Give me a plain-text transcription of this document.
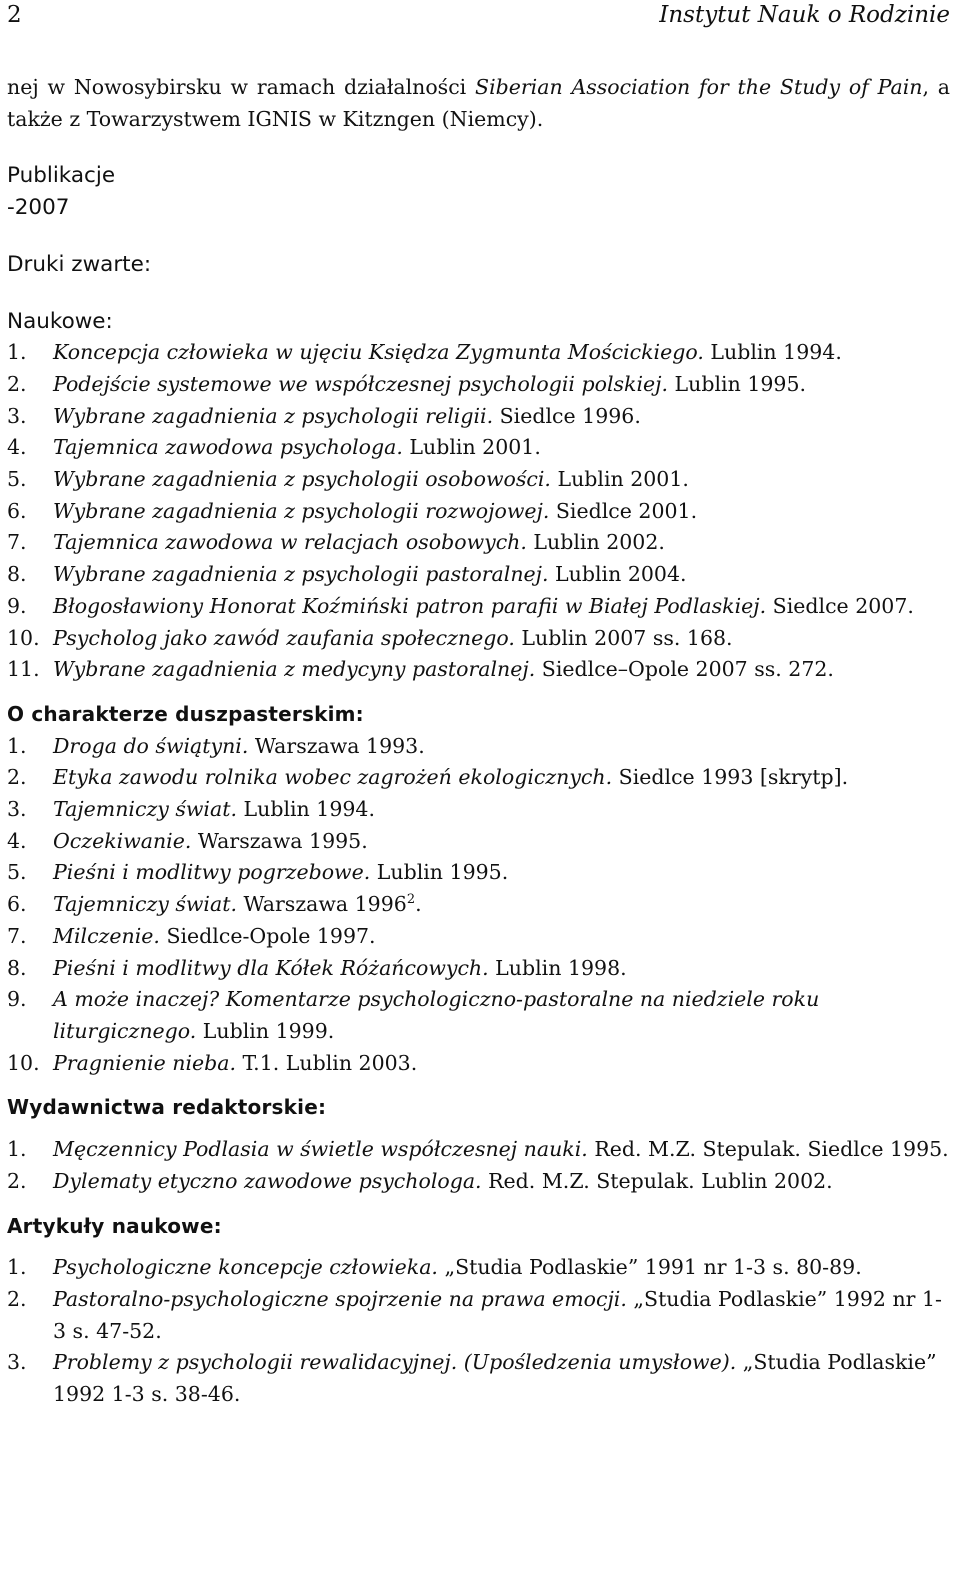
2	Instytut Nauk o Rodzinie

nej w Nowosybirsku w ramach działalności Siberian Association for the Study of Pain, a także z Towarzystwem IGNIS w Kitzngen (Niemcy).

Publikacje
-2007
Druki zwarte:
Naukowe:
1.	Koncepcja człowieka w ujęciu Księdza Zygmunta Mościckiego. Lublin 1994.
2.	Podejście systemowe we współczesnej psychologii polskiej. Lublin 1995.
3.	Wybrane zagadnienia z psychologii religii. Siedlce 1996.
4.	Tajemnica zawodowa psychologa. Lublin 2001.
5.	Wybrane zagadnienia z psychologii osobowości. Lublin 2001.
6.	Wybrane zagadnienia z psychologii rozwojowej. Siedlce 2001.
7.	Tajemnica zawodowa w relacjach osobowych. Lublin 2002.
8.	Wybrane zagadnienia z psychologii pastoralnej. Lublin 2004.
9.	Błogosławiony Honorat Koźmiński patron parafii w Białej Podlaskiej. Siedlce 2007.
10. Psycholog jako zawód zaufania społecznego. Lublin 2007 ss. 168.
11. Wybrane zagadnienia z medycyny pastoralnej. Siedlce–Opole 2007 ss. 272.
O charakterze duszpasterskim:
1.	Droga do świątyni. Warszawa 1993.
2.	Etyka zawodu rolnika wobec zagrożeń ekologicznych. Siedlce 1993 [skrytp].
3.	Tajemniczy świat. Lublin 1994.
4.	Oczekiwanie. Warszawa 1995.
5.	Pieśni i modlitwy pogrzebowe. Lublin 1995.
6.	Tajemniczy świat. Warszawa 1996$^2$.
7.	Milczenie. Siedlce-Opole 1997.
8.	Pieśni i modlitwy dla Kółek Różańcowych. Lublin 1998.
9.	A może inaczej? Komentarze psychologiczno-pastoralne na niedziele roku liturgicznego. Lublin 1999.
10. Pragnienie nieba. T.1. Lublin 2003.
Wydawnictwa redaktorskie:
1.	Męczennicy Podlasia w świetle współczesnej nauki. Red. M.Z. Stepulak. Siedlce 1995.
2.	Dylematy etyczno zawodowe psychologa. Red. M.Z. Stepulak. Lublin 2002.
Artykuły naukowe:
1.	Psychologiczne koncepcje człowieka. „Studia Podlaskie” 1991 nr 1-3 s. 80-89.
2.	Pastoralno-psychologiczne spojrzenie na prawa emocji. „Studia Podlaskie” 1992 nr 1-3 s. 47-52.
3.	Problemy z psychologii rewalidacyjnej. (Upośledzenia umysłowe). „Studia Podlaskie” 1992 1-3 s. 38-46.
